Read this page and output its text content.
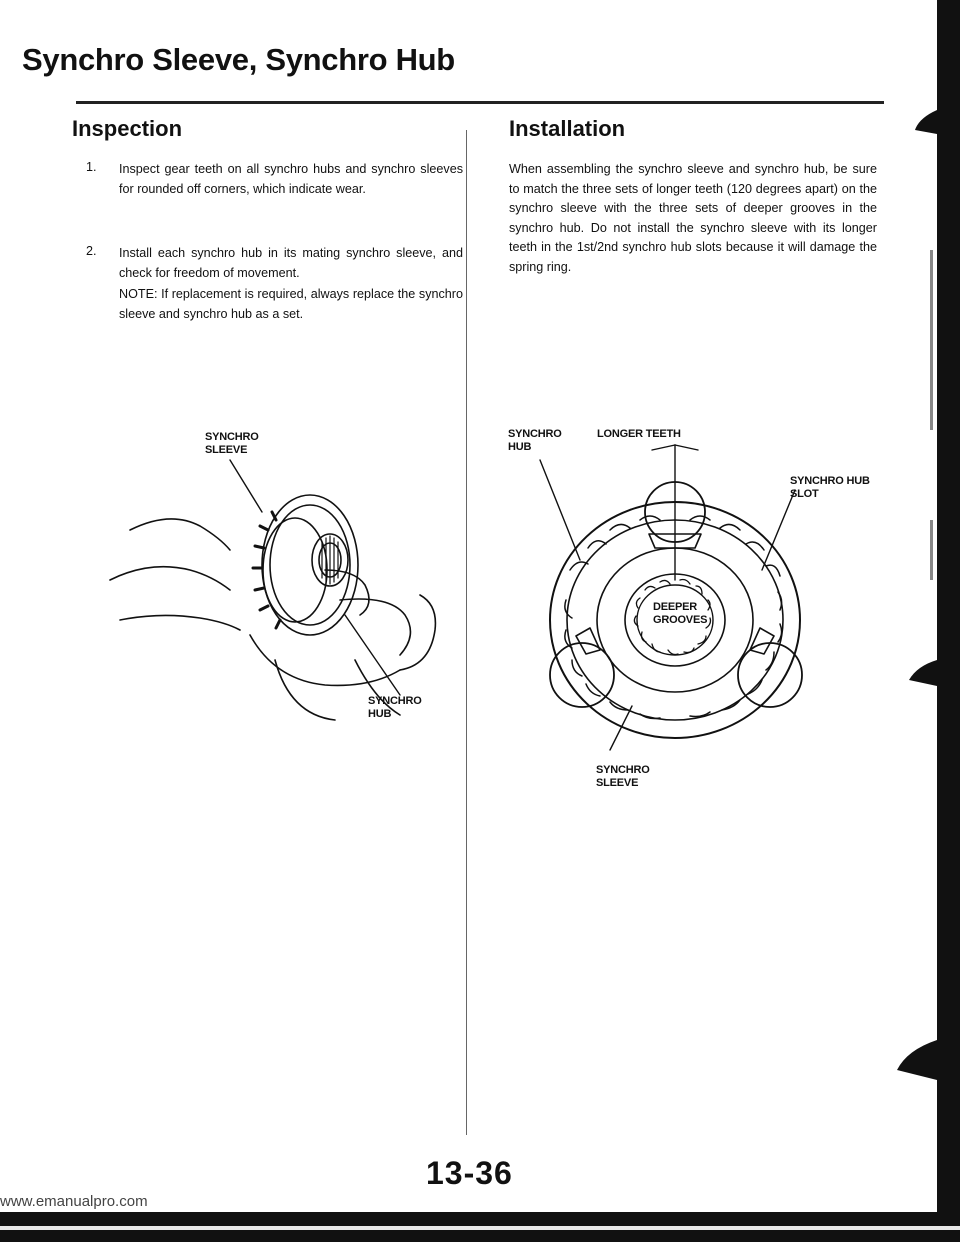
Synchro Sleeve, Synchro Hub
Inspection	Installation
1. Inspect gear teeth on all synchro hubs and synchro sleeves for rounded off corners, which indicate wear.

2. Install each synchro hub in its mating synchro sleeve, and check for freedom of movement.

NOTE: If replacement is required, always replace the synchro sleeve and synchro hub as a set.

When assembling the synchro sleeve and synchro hub, be sure to match the three sets of longer teeth (120 degrees apart) on the synchro sleeve with the three sets of deeper grooves in the synchro hub. Do not install the synchro sleeve with its longer teeth in the 1st/2nd synchro hub slots because it will damage the spring ring.

SYNCHRO SLEEVE
SYNCHRO HUB
SYNCHRO HUB
LONGER TEETH
SYNCHRO HUB SLOT
DEEPER GROOVES
SYNCHRO SLEEVE
13-36
www.emanualpro.com
